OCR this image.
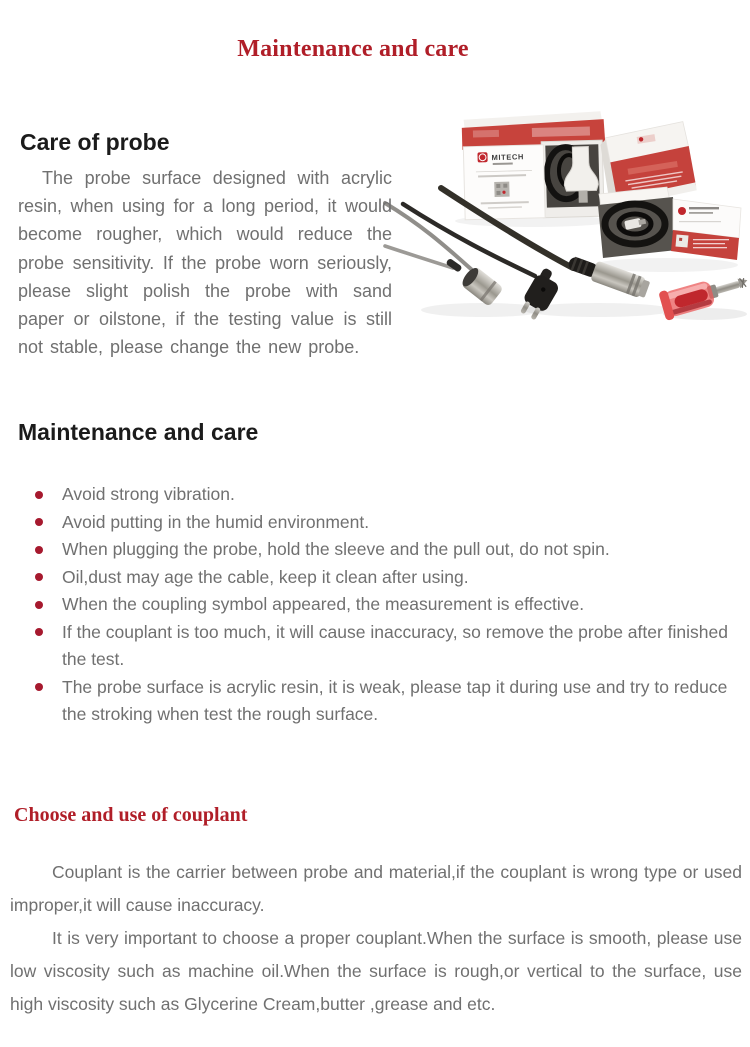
Maintenance and care
MITECH
Care of probe

The probe surface designed with acrylic resin, when using for a long period, it would become rougher, which would reduce the probe sensitivity. If the probe worn seriously, please slight polish the probe with sand paper or oilstone, if the testing value is still not stable, please change the new probe.

Maintenance and care
Avoid strong vibration.
Avoid putting in the humid environment.
When plugging the probe, hold the sleeve and the pull out, do not spin.
Oil,dust may age the cable, keep it clean after using.
When the coupling symbol appeared, the measurement is effective.
If the couplant is too much, it will cause inaccuracy, so remove the probe after finished the test.
The probe surface is acrylic resin, it is weak, please tap it during use and try to reduce the stroking when test the rough surface.
Choose and use of couplant

Couplant is the carrier between probe and material,if the couplant is wrong type or used improper,it will cause inaccuracy.

It is very important to choose a proper couplant.When the surface is smooth, please use low viscosity such as machine oil.When the surface is rough,or vertical to the surface, use high viscosity such as Glycerine Cream,butter ,grease and etc.
